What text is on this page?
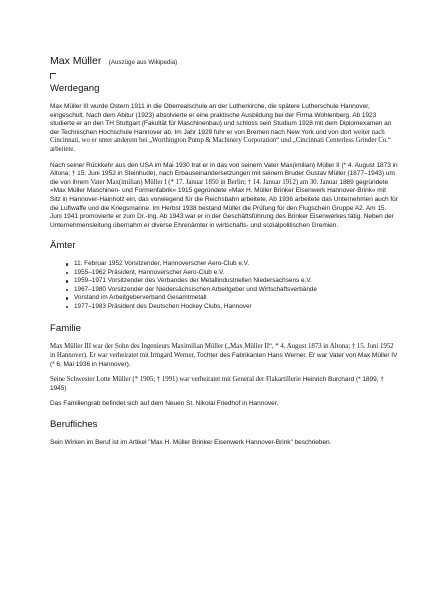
Max Müller (Auszüge aus Wikipedia)
Werdegang

Max Müller III wurde Ostern 1911 in die Oberrealschule an der Lutherkirche, die spätere Lutherschule Hannover, eingeschult. Nach dem Abitur (1923) absolvierte er eine praktische Ausbildung bei der Firma Wohlenberg. Ab 1923 studierte er an den TH Stuttgart (Fakultät für Maschinenbau) und schloss sein Studium 1928 mit dem Diplomexamen an der Technischen Hochschule Hannover ab. Im Jahr 1929 fuhr er von Bremen nach New York und von dort weiter nach Cincinnati, wo er unter anderem bei „Worthington Pump & Machinery Corporation“ und „Cincinnati Centerless Grinder Co.“ arbeitete.

Nach seiner Rückkehr aus den USA im Mai 1930 trat er in das von seinem Vater Max(imilian) Müller II (* 4. August 1873 in Altona; † 15. Juni 1952 in Steinhude), nach Erbauseinandersetzungen mit seinem Bruder Gustav Müller (1877–1943) um die von ihrem Vater Max(imilian) Müller I (* 17. Januar 1850 in Berlin; † 14. Januar 1912) am 30. Januar 1889 gegründete »Max Müller Maschinen- und Formenfabrik« 1915 gegründete »Max H. Müller Brinker Eisenwerk Hannover-Brink« mit Sitz in Hannover-Hainholz ein, das vorwiegend für die Reichsbahn arbeitete. Ab 1936 arbeitete das Unternehmen auch für die Luftwaffe und die Kriegsmarine. Im Herbst 1938 bestand Müller die Prüfung für den Flugschein Gruppe A2. Am 15. Juni 1941 promovierte er zum Dr.-Ing. Ab 1943 war er in der Geschäftsführung des Brinker Eisenwerkes tätig. Neben der Unternehmensleitung übernahm er diverse Ehrenämter in wirtschafts- und sozialpolitischen Gremien.

Ämter
11. Februar 1952 Vorsitzender, Hannoverscher Aero-Club e.V.
1955–1962 Präsident, Hannoverscher Aero-Club e.V.
1959–1971 Vorsitzender des Verbandes der Metallindustriellen Niedersachsens e.V.
1967–1980 Vorsitzender der Niedersächsischen Arbeitgeber und Wirtschaftsverbände
Vorstand im Arbeitgeberverband Gesamtmetall
1977–1983 Präsident des Deutschen Hockey Clubs, Hannover
Familie

Max Müller III war der Sohn des Ingenieurs Maximilian Müller („Max Müller II“, * 4. August 1873 in Altona; † 15. Juni 1952 in Hannover). Er war verheiratet mit Irmgard Werner, Tochter des Fabrikanten Hans Werner. Er war Vater von Max Müller IV (* 6. Mai 1936 in Hannover).

Seine Schwester Lotte Müller (* 1905; † 1991) war verheiratet mit General der Flakartillerie Heinrich Burchard (* 1899, † 1945)

Das Familiengrab befindet sich auf dem Neuen St. Nikolai Friedhof in Hannover.

Berufliches

Sein Wirken im Beruf ist im Artikel "Max H. Müller Brinker Eisenwerk Hannover-Brink" beschrieben.
